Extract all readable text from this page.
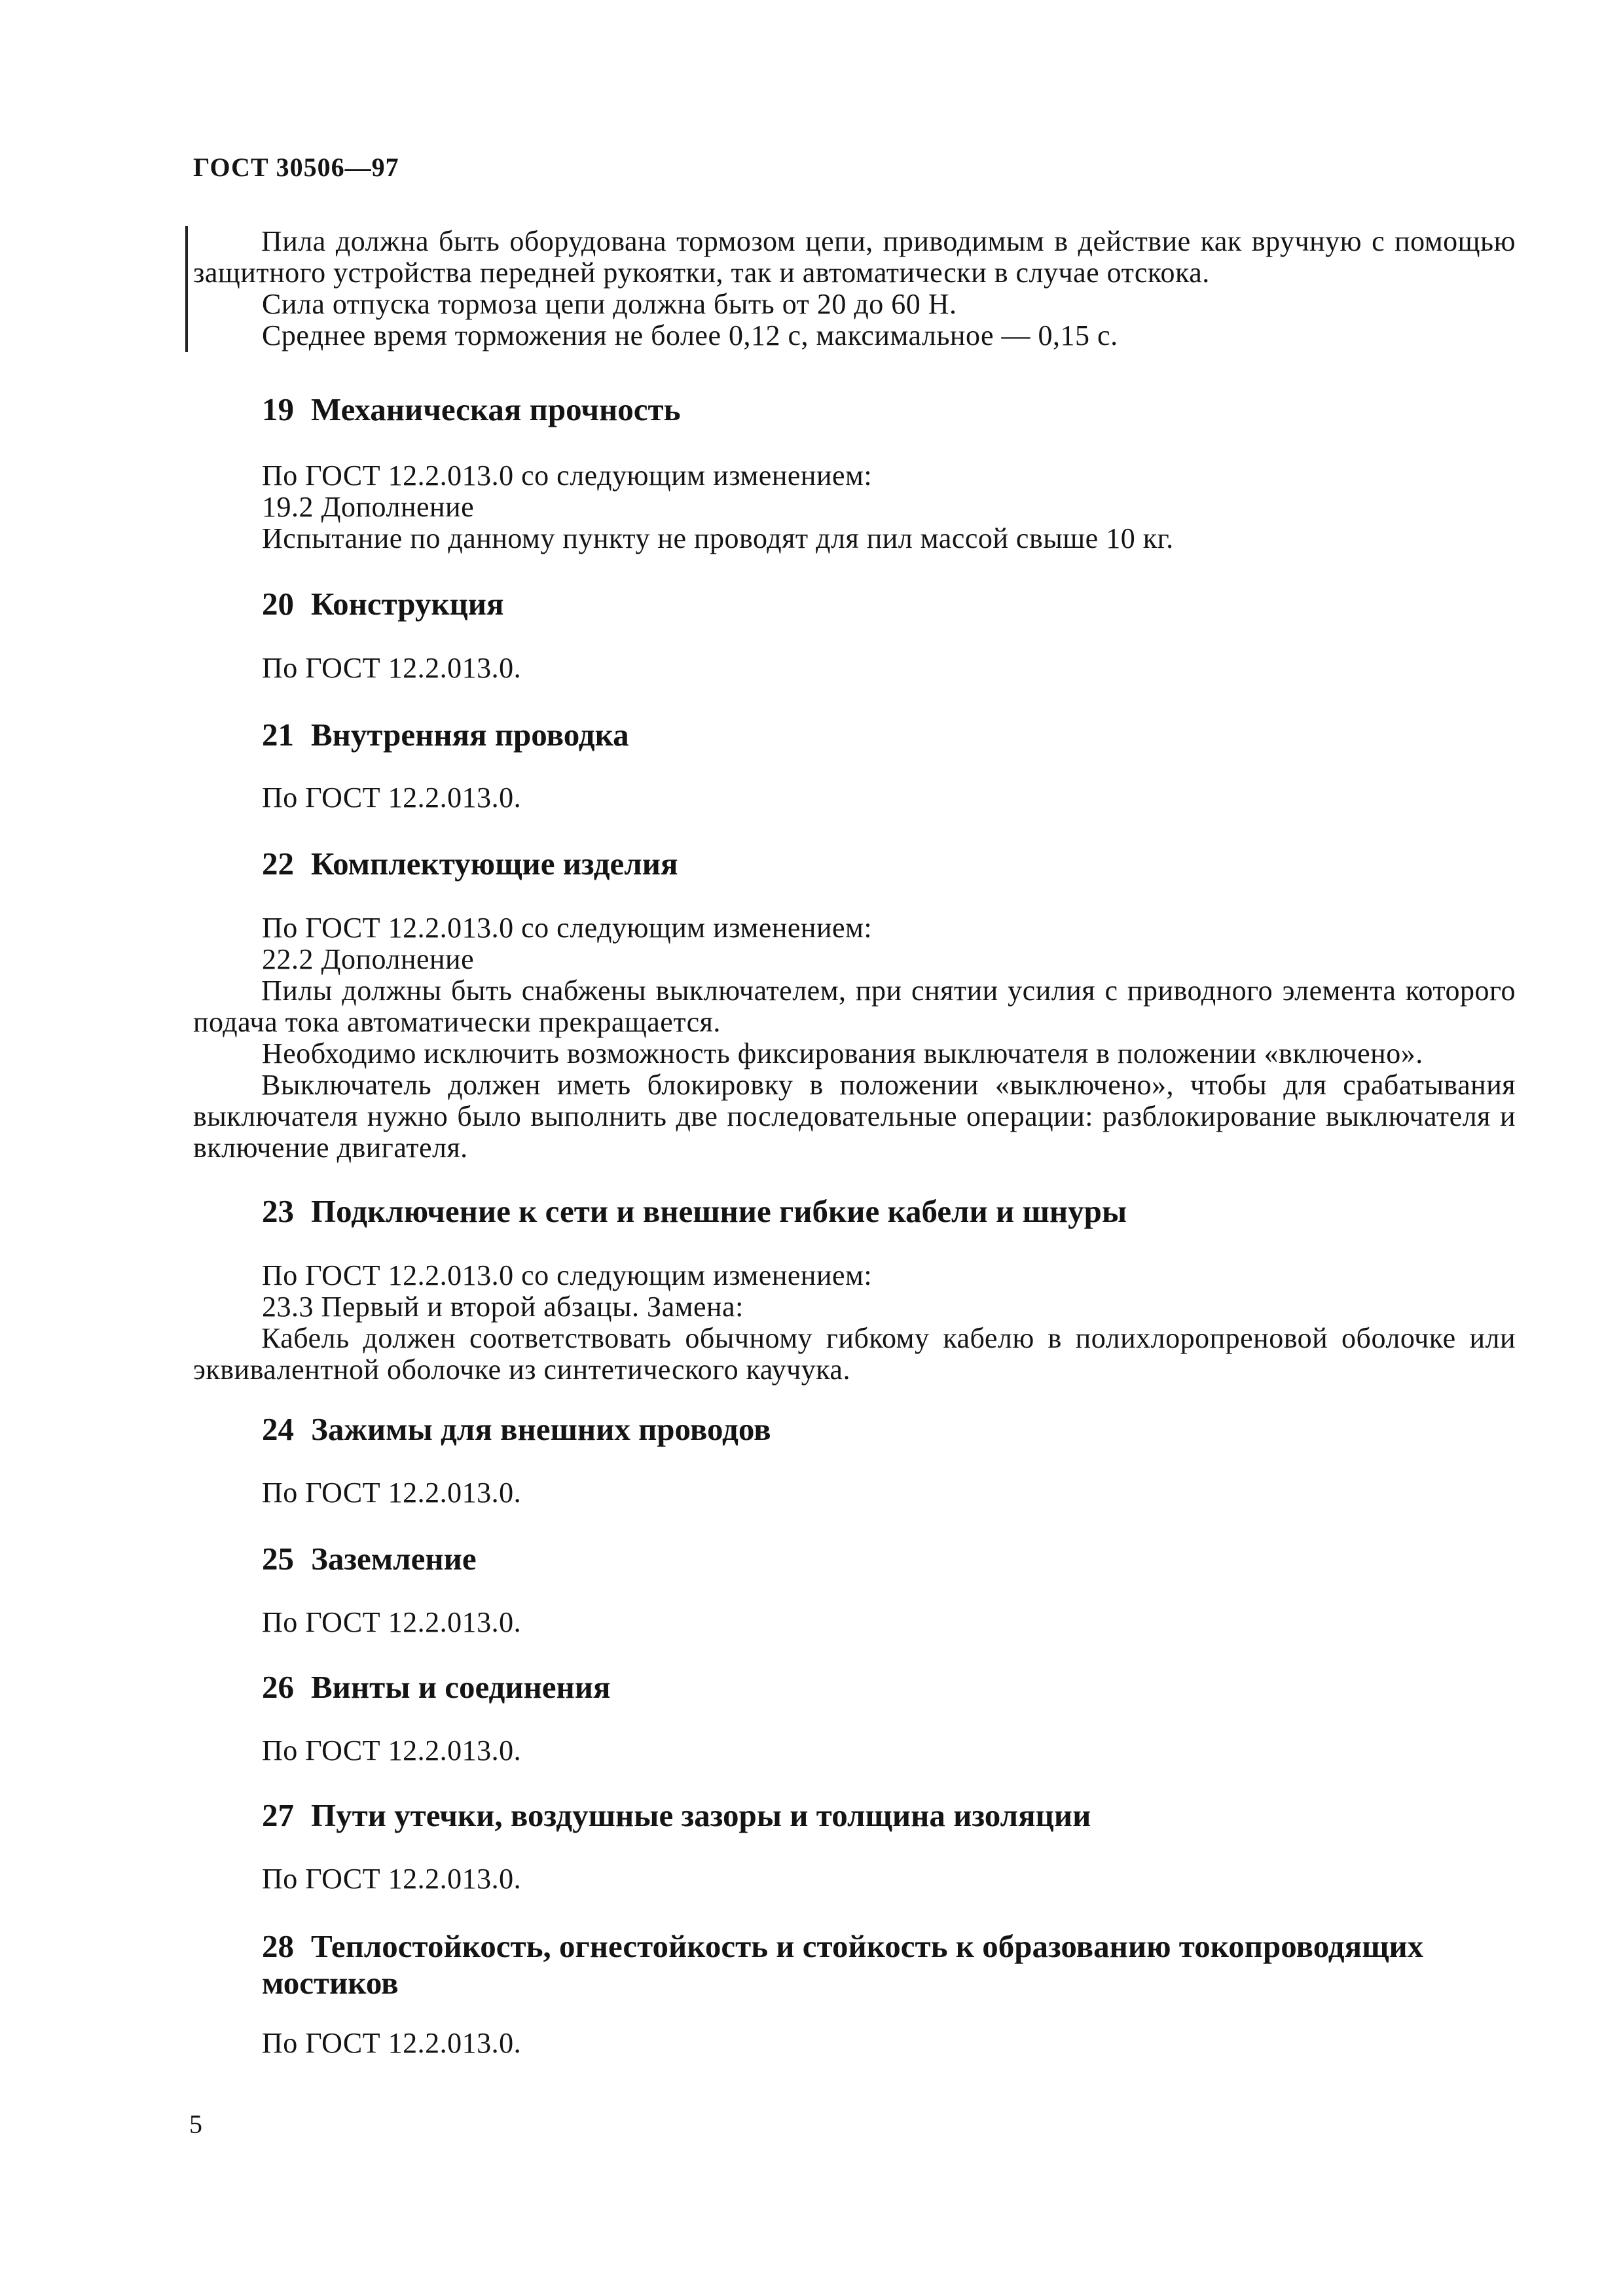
ГОСТ 30506—97

Пила должна быть оборудована тормозом цепи, приводимым в действие как вручную с помощью защитного устройства передней рукоятки, так и автоматически в случае отскока.

Сила отпуска тормоза цепи должна быть от 20 до 60 Н.

Среднее время торможения не более 0,12 с, максимальное — 0,15 с.

19 Механическая прочность

По ГОСТ 12.2.013.0 со следующим изменением:

19.2 Дополнение

Испытание по данному пункту не проводят для пил массой свыше 10 кг.

20 Конструкция

По ГОСТ 12.2.013.0.

21 Внутренняя проводка

По ГОСТ 12.2.013.0.

22 Комплектующие изделия

По ГОСТ 12.2.013.0 со следующим изменением:

22.2 Дополнение

Пилы должны быть снабжены выключателем, при снятии усилия с приводного элемента которого подача тока автоматически прекращается.

Необходимо исключить возможность фиксирования выключателя в положении «включено».

Выключатель должен иметь блокировку в положении «выключено», чтобы для срабатывания выключателя нужно было выполнить две последовательные операции: разблокирование выключателя и включение двигателя.

23 Подключение к сети и внешние гибкие кабели и шнуры

По ГОСТ 12.2.013.0 со следующим изменением:

23.3 Первый и второй абзацы. Замена:

Кабель должен соответствовать обычному гибкому кабелю в полихлоропреновой оболочке или эквивалентной оболочке из синтетического каучука.

24 Зажимы для внешних проводов

По ГОСТ 12.2.013.0.

25 Заземление

По ГОСТ 12.2.013.0.

26 Винты и соединения

По ГОСТ 12.2.013.0.

27 Пути утечки, воздушные зазоры и толщина изоляции

По ГОСТ 12.2.013.0.

28 Теплостойкость, огнестойкость и стойкость к образованию токопроводящих мостиков

По ГОСТ 12.2.013.0.

5
